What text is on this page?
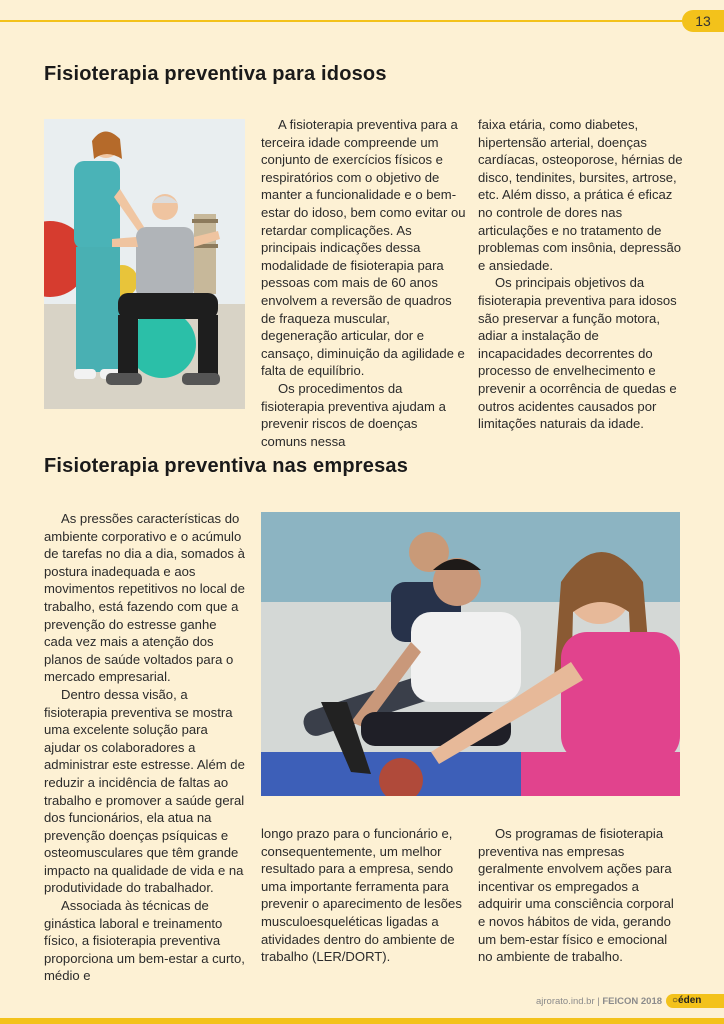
13
Fisioterapia preventiva para idosos

A fisioterapia preventiva para a terceira idade compreende um conjunto de exercícios físicos e respiratórios com o objetivo de manter a funcionalidade e o bem-estar do idoso, bem como evitar ou retardar complicações. As principais indicações dessa modalidade de fisioterapia para pessoas com mais de 60 anos envolvem a reversão de quadros de fraqueza muscular, degeneração articular, dor e cansaço, diminuição da agilidade e falta de equilíbrio.

Os procedimentos da fisioterapia preventiva ajudam a prevenir riscos de doenças comuns nessa

faixa etária, como diabetes, hipertensão arterial, doenças cardíacas, osteoporose, hérnias de disco, tendinites, bursites, artrose, etc. Além disso, a prática é eficaz no controle de dores nas articulações e no tratamento de problemas com insônia, depressão e ansiedade.

Os principais objetivos da fisioterapia preventiva para idosos são preservar a função motora, adiar a instalação de incapacidades decorrentes do processo de envelhecimento e prevenir a ocorrência de quedas e outros acidentes causados por limitações naturais da idade.

Fisioterapia preventiva nas empresas

As pressões características do ambiente corporativo e o acúmulo de tarefas no dia a dia, somados à postura inadequada e aos movimentos repetitivos no local de trabalho, está fazendo com que a prevenção do estresse ganhe cada vez mais a atenção dos planos de saúde voltados para o mercado empresarial.

Dentro dessa visão, a fisioterapia preventiva se mostra uma excelente solução para ajudar os colaboradores a administrar este estresse. Além de reduzir a incidência de faltas ao trabalho e promover a saúde geral dos funcionários, ela atua na prevenção doenças psíquicas e osteomusculares que têm grande impacto na qualidade de vida e na produtividade do trabalhador.

Associada às técnicas de ginástica laboral e treinamento físico, a fisioterapia preventiva proporciona um bem-estar a curto, médio e

longo prazo para o funcionário e, consequentemente, um melhor resultado para a empresa, sendo uma importante ferramenta para prevenir o aparecimento de lesões musculoesqueléticas ligadas a atividades dentro do ambiente de trabalho (LER/DORT).

Os programas de fisioterapia preventiva nas empresas geralmente envolvem ações para incentivar os empregados a adquirir uma consciência corporal e novos hábitos de vida, gerando um bem-estar físico e emocional no ambiente de trabalho.

ajrorato.ind.br | FEICON 2018 ○éden
